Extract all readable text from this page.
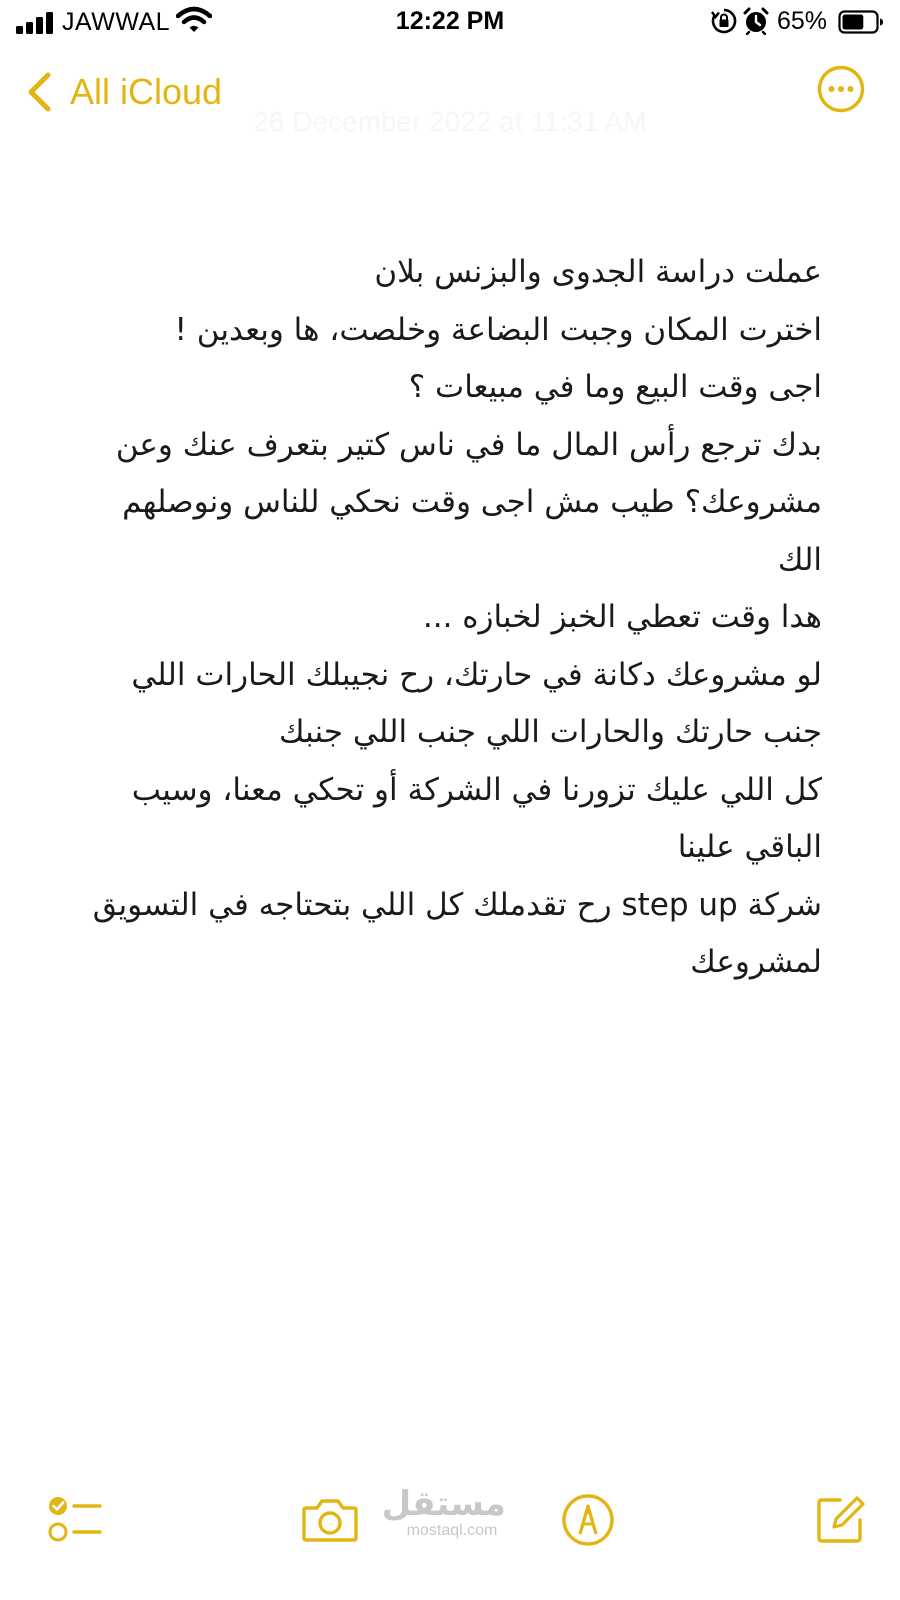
JAWWAL	12:22 PM	65%
All iCloud
26 December 2022 at 11:31 AM
عملت دراسة الجدوى والبزنس بلان
اخترت المكان وجبت البضاعة وخلصت، ها وبعدين !
اجى وقت البيع وما في مبيعات ؟
بدك ترجع رأس المال ما في ناس كتير بتعرف عنك وعن
مشروعك؟ طيب مش اجى وقت نحكي للناس ونوصلهم
الك
هدا وقت تعطي الخبز لخبازه ...
لو مشروعك دكانة في حارتك، رح نجيبلك الحارات اللي
جنب حارتك والحارات اللي جنب اللي جنبك
كل اللي عليك تزورنا في الشركة أو تحكي معنا، وسيب
الباقي علينا
شركة step up رح تقدملك كل اللي بتحتاجه في التسويق
لمشروعك
مستقل
mostaql.com
